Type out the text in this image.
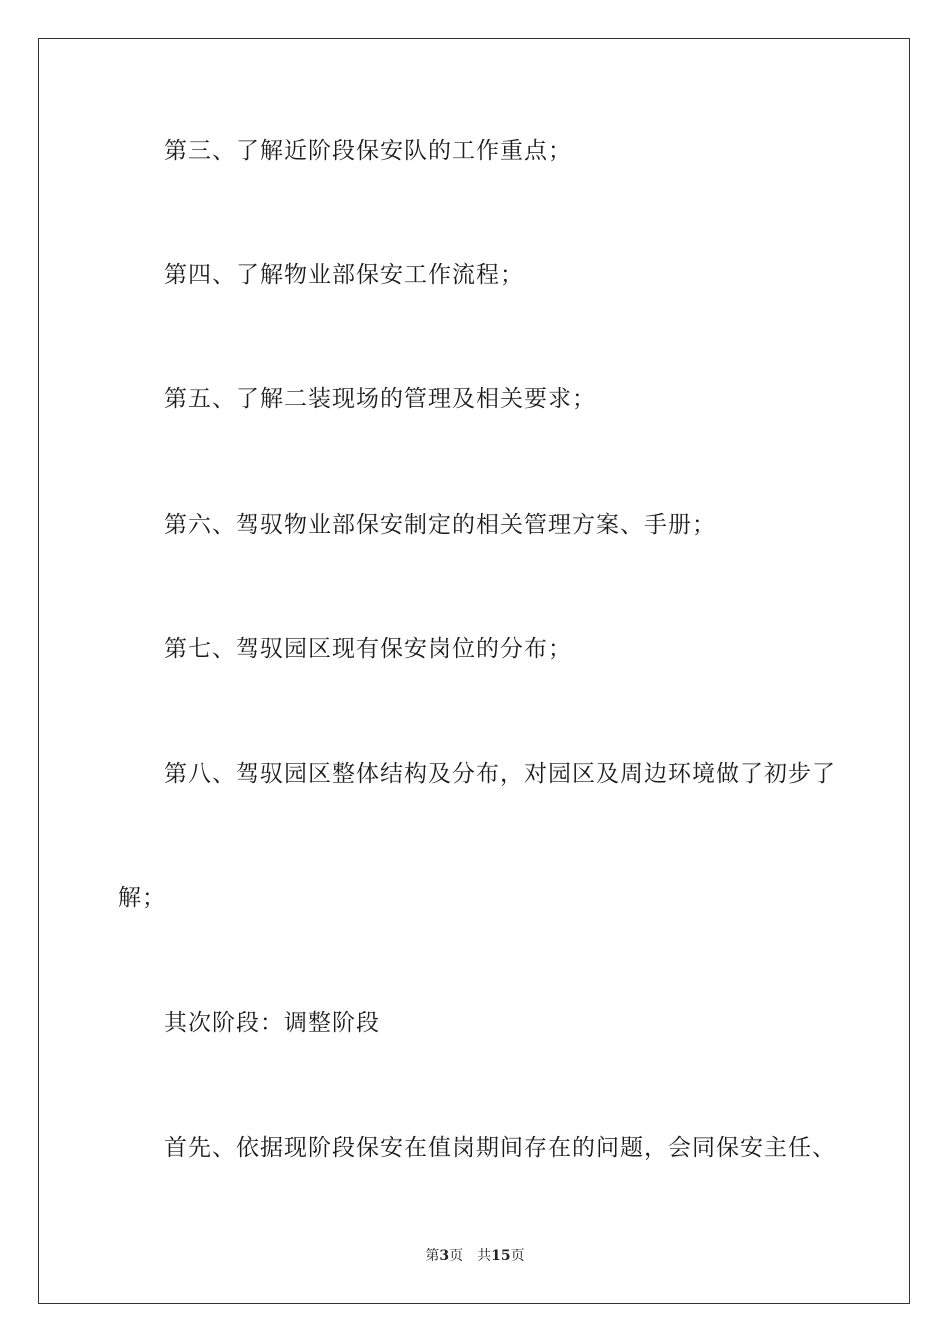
第三、了解近阶段保安队的工作重点；
第四、了解物业部保安工作流程；
第五、了解二装现场的管理及相关要求；
第六、驾驭物业部保安制定的相关管理方案、手册；
第七、驾驭园区现有保安岗位的分布；
第八、驾驭园区整体结构及分布，对园区及周边环境做了初步了
解；
其次阶段：调整阶段
首先、依据现阶段保安在值岗期间存在的问题，会同保安主任、
第3页 共15页
